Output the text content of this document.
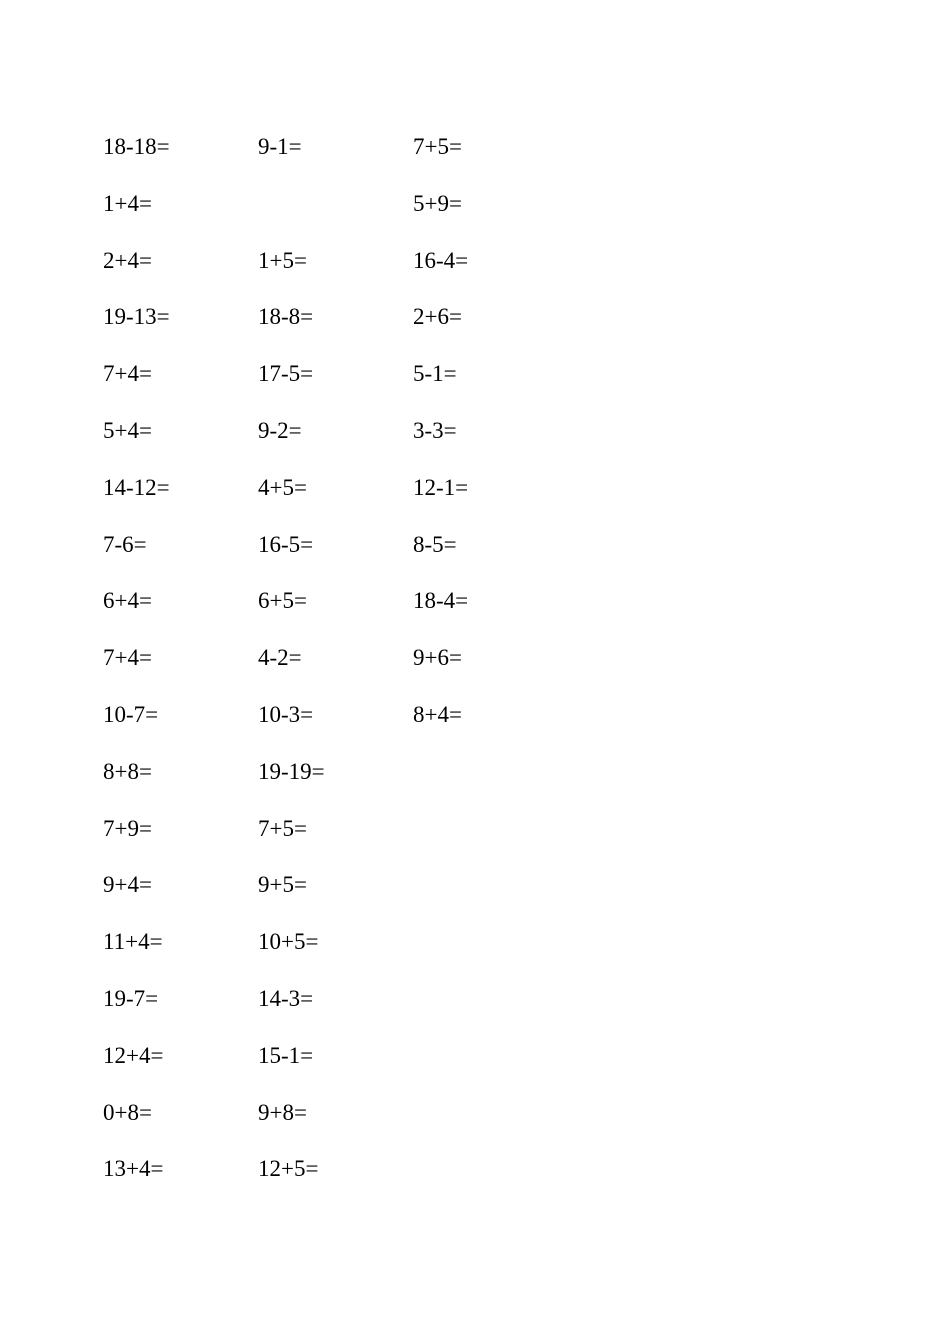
18-18=
1+4=
2+4=
19-13=
7+4=
5+4=
14-12=
7-6=
6+4=
7+4=
10-7=
8+8=
7+9=
9+4=
11+4=
19-7=
12+4=
0+8=
13+4=
9-1=
1+5=
18-8=
17-5=
9-2=
4+5=
16-5=
6+5=
4-2=
10-3=
19-19=
7+5=
9+5=
10+5=
14-3=
15-1=
9+8=
12+5=
7+5=
5+9=
16-4=
2+6=
5-1=
3-3=
12-1=
8-5=
18-4=
9+6=
8+4=
